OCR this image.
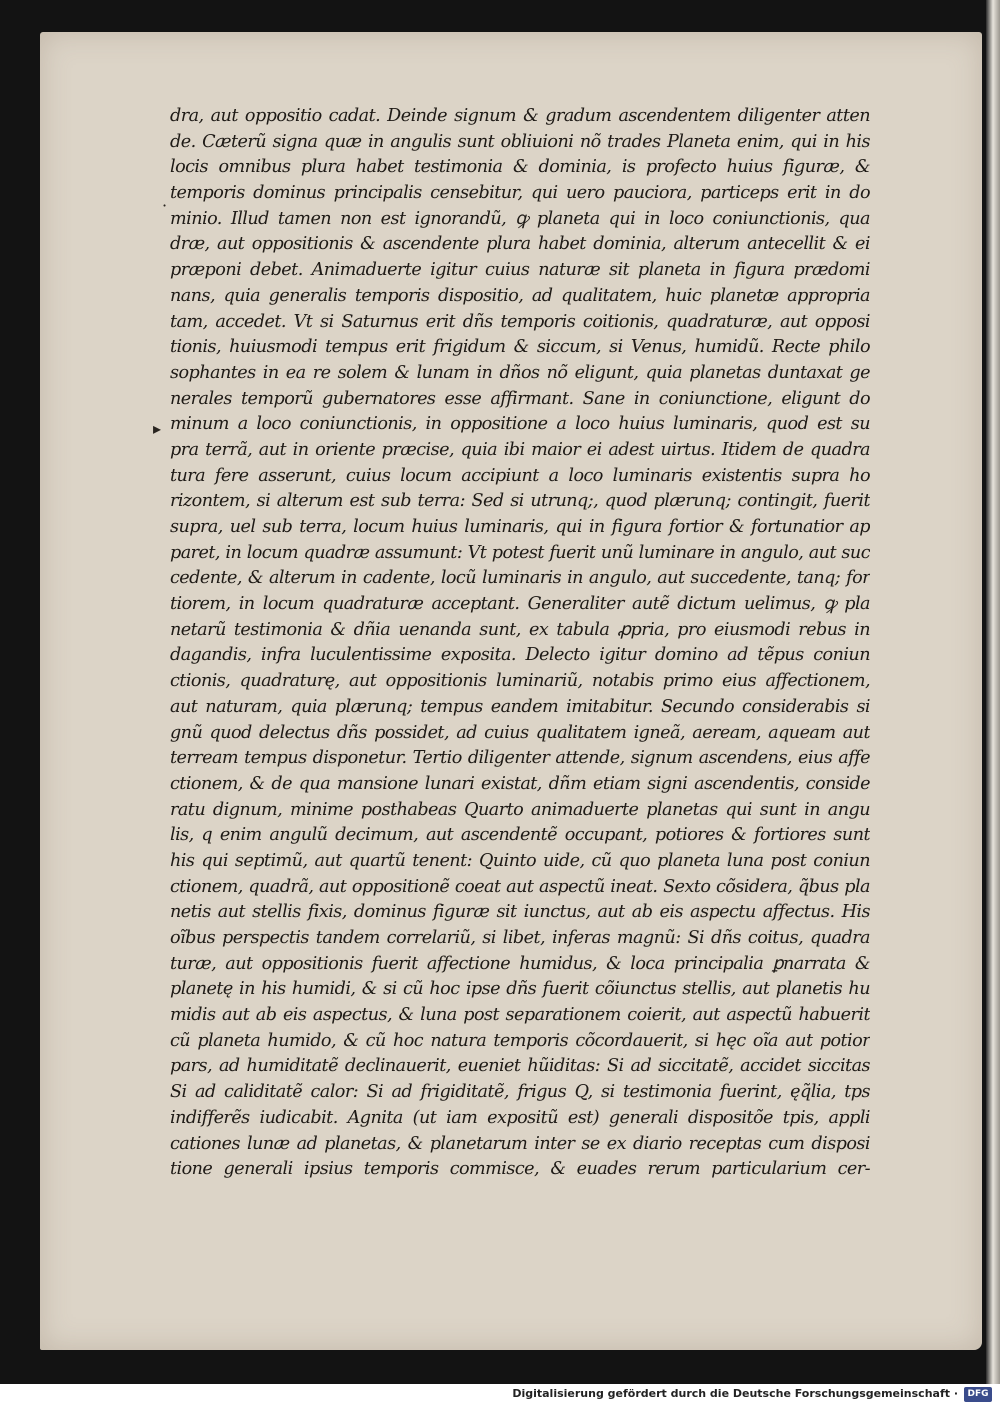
·
▸
dra, aut oppositio cadat. Deinde signum & gradum ascendentem diligenter atten
de. Cæterũ signa quæ in angulis sunt obliuioni nõ trades Planeta enim, qui in his
locis omnibus plura habet testimonia & dominia, is profecto huius figuræ, &
temporis dominus principalis censebitur, qui uero pauciora, particeps erit in do
minio. Illud tamen non est ignorandũ, ꝙ planeta qui in loco coniunctionis, qua
dræ, aut oppositionis & ascendente plura habet dominia, alterum antecellit & ei
præponi debet. Animaduerte igitur cuius naturæ sit planeta in figura prædomi
nans, quia generalis temporis dispositio, ad qualitatem, huic planetæ appropria
tam, accedet. Vt si Saturnus erit dñs temporis coitionis, quadraturæ, aut opposi
tionis, huiusmodi tempus erit frigidum & siccum, si Venus, humidũ. Recte philo
sophantes in ea re solem & lunam in dños nõ eligunt, quia planetas duntaxat ge
nerales temporũ gubernatores esse affirmant. Sane in coniunctione, eligunt do
minum a loco coniunctionis, in oppositione a loco huius luminaris, quod est su
pra terrã, aut in oriente præcise, quia ibi maior ei adest uirtus. Itidem de quadra
tura fere asserunt, cuius locum accipiunt a loco luminaris existentis supra ho
rizontem, si alterum est sub terra: Sed si utrunq;, quod plærunq; contingit, fuerit
supra, uel sub terra, locum huius luminaris, qui in figura fortior & fortunatior ap
paret, in locum quadræ assumunt: Vt potest fuerit unũ luminare in angulo, aut suc
cedente, & alterum in cadente, locũ luminaris in angulo, aut succedente, tanq; for
tiorem, in locum quadraturæ acceptant. Generaliter autẽ dictum uelimus, ꝙ pla
netarũ testimonia & dñia uenanda sunt, ex tabula ꝓpria, pro eiusmodi rebus in
dagandis, infra luculentissime exposita. Delecto igitur domino ad tẽpus coniun
ctionis, quadraturę, aut oppositionis luminariũ, notabis primo eius affectionem,
aut naturam, quia plærunq; tempus eandem imitabitur. Secundo considerabis si
gnũ quod delectus dñs possidet, ad cuius qualitatem igneã, aeream, aqueam aut
terream tempus disponetur. Tertio diligenter attende, signum ascendens, eius affe
ctionem, & de qua mansione lunari existat, dñm etiam signi ascendentis, conside
ratu dignum, minime posthabeas Quarto animaduerte planetas qui sunt in angu
lis, q enim angulũ decimum, aut ascendentẽ occupant, potiores & fortiores sunt
his qui septimũ, aut quartũ tenent: Quinto uide, cũ quo planeta luna post coniun
ctionem, quadrã, aut oppositionẽ coeat aut aspectũ ineat. Sexto cõsidera, q̃bus pla
netis aut stellis fixis, dominus figuræ sit iunctus, aut ab eis aspectu affectus. His
oĩbus perspectis tandem correlariũ, si libet, inferas magnũ: Si dñs coitus, quadra
turæ, aut oppositionis fuerit affectione humidus, & loca principalia ꝑnarrata &
planetę in his humidi, & si cũ hoc ipse dñs fuerit cõiunctus stellis, aut planetis hu
midis aut ab eis aspectus, & luna post separationem coierit, aut aspectũ habuerit
cũ planeta humido, & cũ hoc natura temporis cõcordauerit, si hęc oĩa aut potior
pars, ad humiditatẽ declinauerit, eueniet hũiditas: Si ad siccitatẽ, accidet siccitas
Si ad caliditatẽ calor: Si ad frigiditatẽ, frigus Q, si testimonia fuerint, ęq̃lia, tps
indifferẽs iudicabit. Agnita (ut iam expositũ est) generali dispositõe tpis, appli
cationes lunæ ad planetas, & planetarum inter se ex diario receptas cum disposi
tione generali ipsius temporis commisce, & euades rerum particularium cer-
Digitalisierung gefördert durch die Deutsche Forschungsgemeinschaft ·	DFG
